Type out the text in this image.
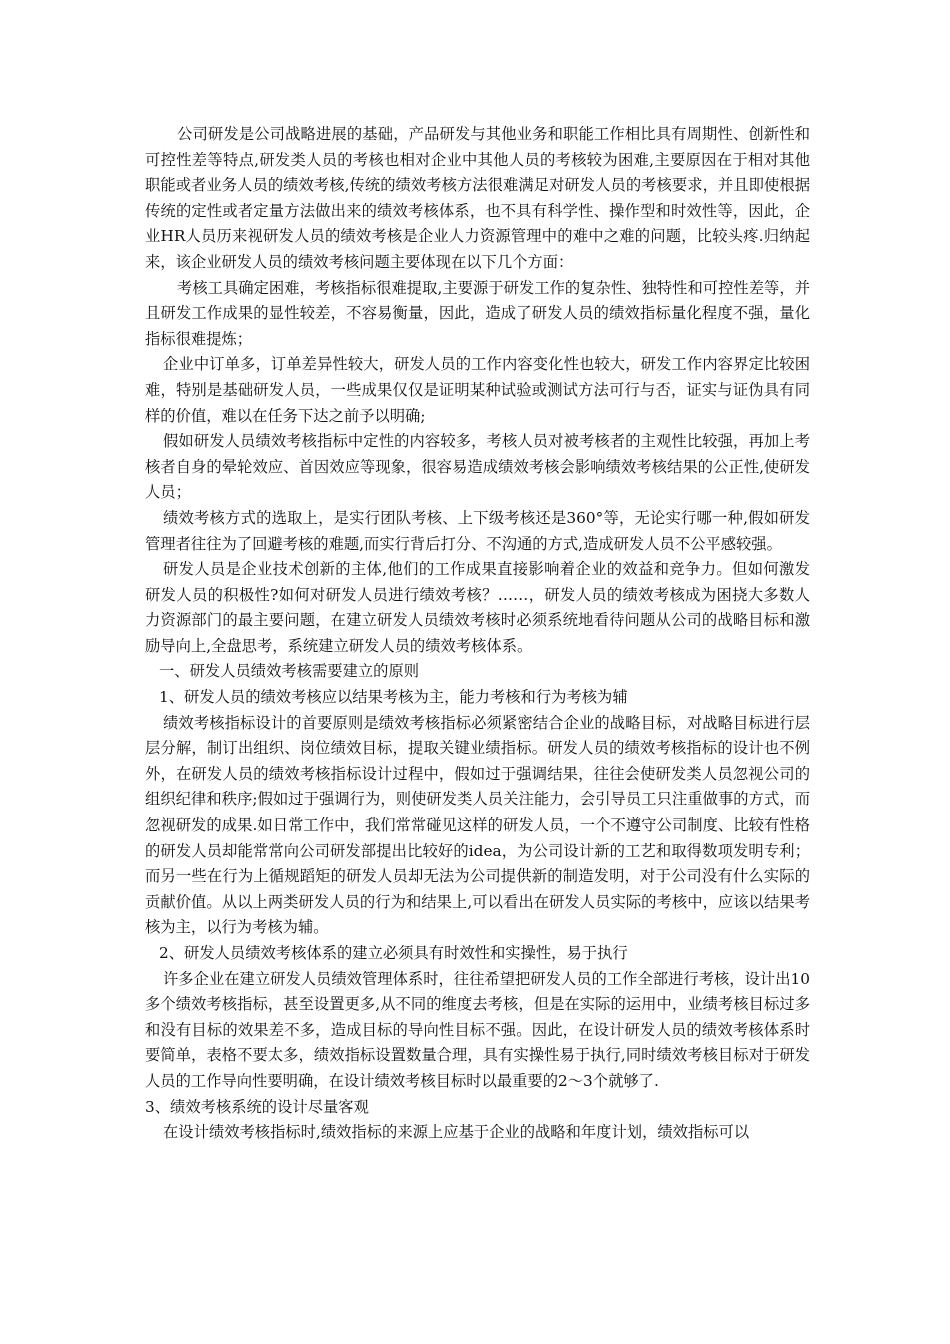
公司研发是公司战略进展的基础，产品研发与其他业务和职能工作相比具有周期性、创新性和可控性差等特点,研发类人员的考核也相对企业中其他人员的考核较为困难,主要原因在于相对其他职能或者业务人员的绩效考核,传统的绩效考核方法很难满足对研发人员的考核要求，并且即使根据传统的定性或者定量方法做出来的绩效考核体系，也不具有科学性、操作型和时效性等，因此，企业HR人员历来视研发人员的绩效考核是企业人力资源管理中的难中之难的问题，比较头疼.归纳起来，该企业研发人员的绩效考核问题主要体现在以下几个方面：

考核工具确定困难，考核指标很难提取,主要源于研发工作的复杂性、独特性和可控性差等，并且研发工作成果的显性较差，不容易衡量，因此，造成了研发人员的绩效指标量化程度不强，量化指标很难提炼；

企业中订单多，订单差异性较大，研发人员的工作内容变化性也较大，研发工作内容界定比较困难，特别是基础研发人员，一些成果仅仅是证明某种试验或测试方法可行与否，证实与证伪具有同样的价值，难以在任务下达之前予以明确;

假如研发人员绩效考核指标中定性的内容较多，考核人员对被考核者的主观性比较强，再加上考核者自身的晕轮效应、首因效应等现象，很容易造成绩效考核会影响绩效考核结果的公正性,使研发人员；

绩效考核方式的选取上，是实行团队考核、上下级考核还是360°等，无论实行哪一种,假如研发管理者往往为了回避考核的难题,而实行背后打分、不沟通的方式,造成研发人员不公平感较强。

研发人员是企业技术创新的主体,他们的工作成果直接影响着企业的效益和竞争力。但如何激发研发人员的积极性?如何对研发人员进行绩效考核？……，研发人员的绩效考核成为困挠大多数人力资源部门的最主要问题，在建立研发人员绩效考核时必须系统地看待问题从公司的战略目标和激励导向上,全盘思考，系统建立研发人员的绩效考核体系。

一、研发人员绩效考核需要建立的原则

1、研发人员的绩效考核应以结果考核为主，能力考核和行为考核为辅

绩效考核指标设计的首要原则是绩效考核指标必须紧密结合企业的战略目标，对战略目标进行层层分解，制订出组织、岗位绩效目标，提取关键业绩指标。研发人员的绩效考核指标的设计也不例外，在研发人员的绩效考核指标设计过程中，假如过于强调结果，往往会使研发类人员忽视公司的组织纪律和秩序;假如过于强调行为，则使研发类人员关注能力，会引导员工只注重做事的方式，而忽视研发的成果.如日常工作中，我们常常碰见这样的研发人员，一个不遵守公司制度、比较有性格的研发人员却能常常向公司研发部提出比较好的idea，为公司设计新的工艺和取得数项发明专利；而另一些在行为上循规蹈矩的研发人员却无法为公司提供新的制造发明，对于公司没有什么实际的贡献价值。从以上两类研发人员的行为和结果上,可以看出在研发人员实际的考核中，应该以结果考核为主，以行为考核为辅。

2、研发人员绩效考核体系的建立必须具有时效性和实操性，易于执行

许多企业在建立研发人员绩效管理体系时，往往希望把研发人员的工作全部进行考核，设计出10多个绩效考核指标，甚至设置更多,从不同的维度去考核，但是在实际的运用中，业绩考核目标过多和没有目标的效果差不多，造成目标的导向性目标不强。因此，在设计研发人员的绩效考核体系时要简单，表格不要太多，绩效指标设置数量合理，具有实操性易于执行,同时绩效考核目标对于研发人员的工作导向性要明确，在设计绩效考核目标时以最重要的2～3个就够了.

3、绩效考核系统的设计尽量客观

在设计绩效考核指标时,绩效指标的来源上应基于企业的战略和年度计划，绩效指标可以
